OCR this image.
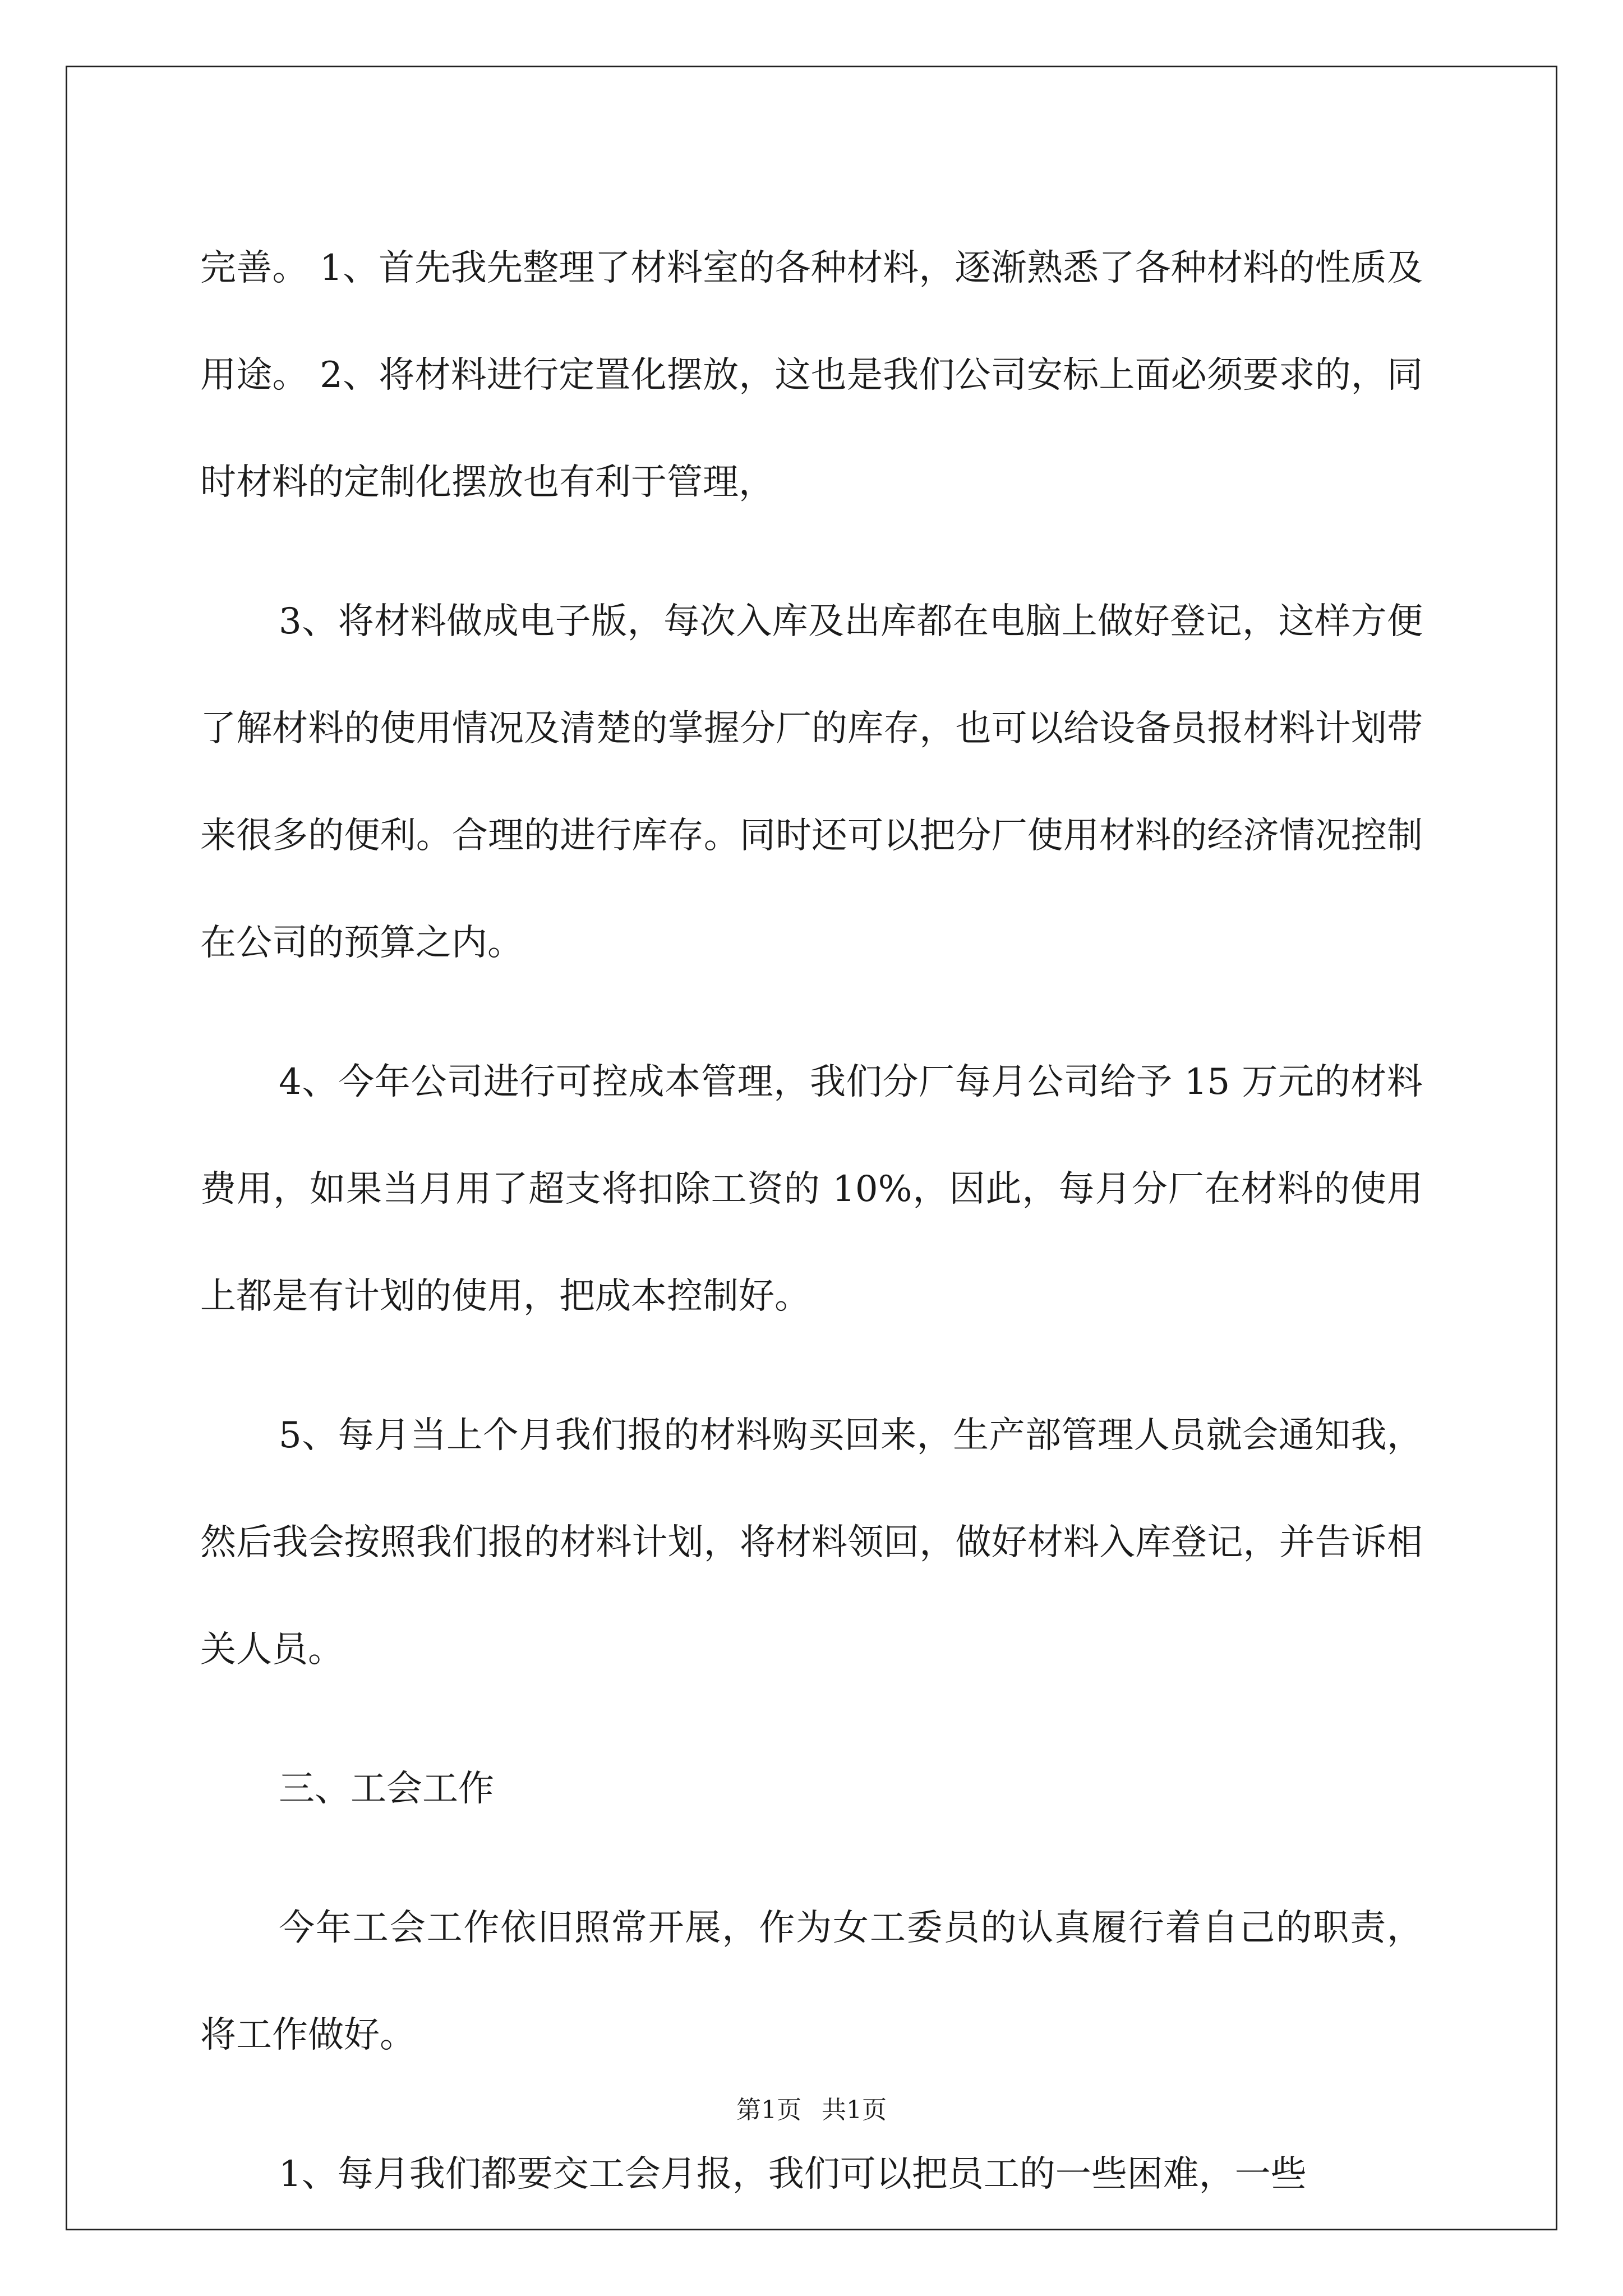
完善。 1、首先我先整理了材料室的各种材料，逐渐熟悉了各种材料的性质及用途。 2、将材料进行定置化摆放，这也是我们公司安标上面必须要求的，同时材料的定制化摆放也有利于管理，

3、将材料做成电子版，每次入库及出库都在电脑上做好登记，这样方便了解材料的使用情况及清楚的掌握分厂的库存，也可以给设备员报材料计划带来很多的便利。合理的进行库存。同时还可以把分厂使用材料的经济情况控制在公司的预算之内。

4、今年公司进行可控成本管理，我们分厂每月公司给予 15 万元的材料费用，如果当月用了超支将扣除工资的 10%，因此，每月分厂在材料的使用上都是有计划的使用，把成本控制好。

5、每月当上个月我们报的材料购买回来，生产部管理人员就会通知我，然后我会按照我们报的材料计划，将材料领回，做好材料入库登记，并告诉相关人员。

三、工会工作

今年工会工作依旧照常开展，作为女工委员的认真履行着自己的职责，将工作做好。

1、每月我们都要交工会月报，我们可以把员工的一些困难，一些

第1页 共1页
